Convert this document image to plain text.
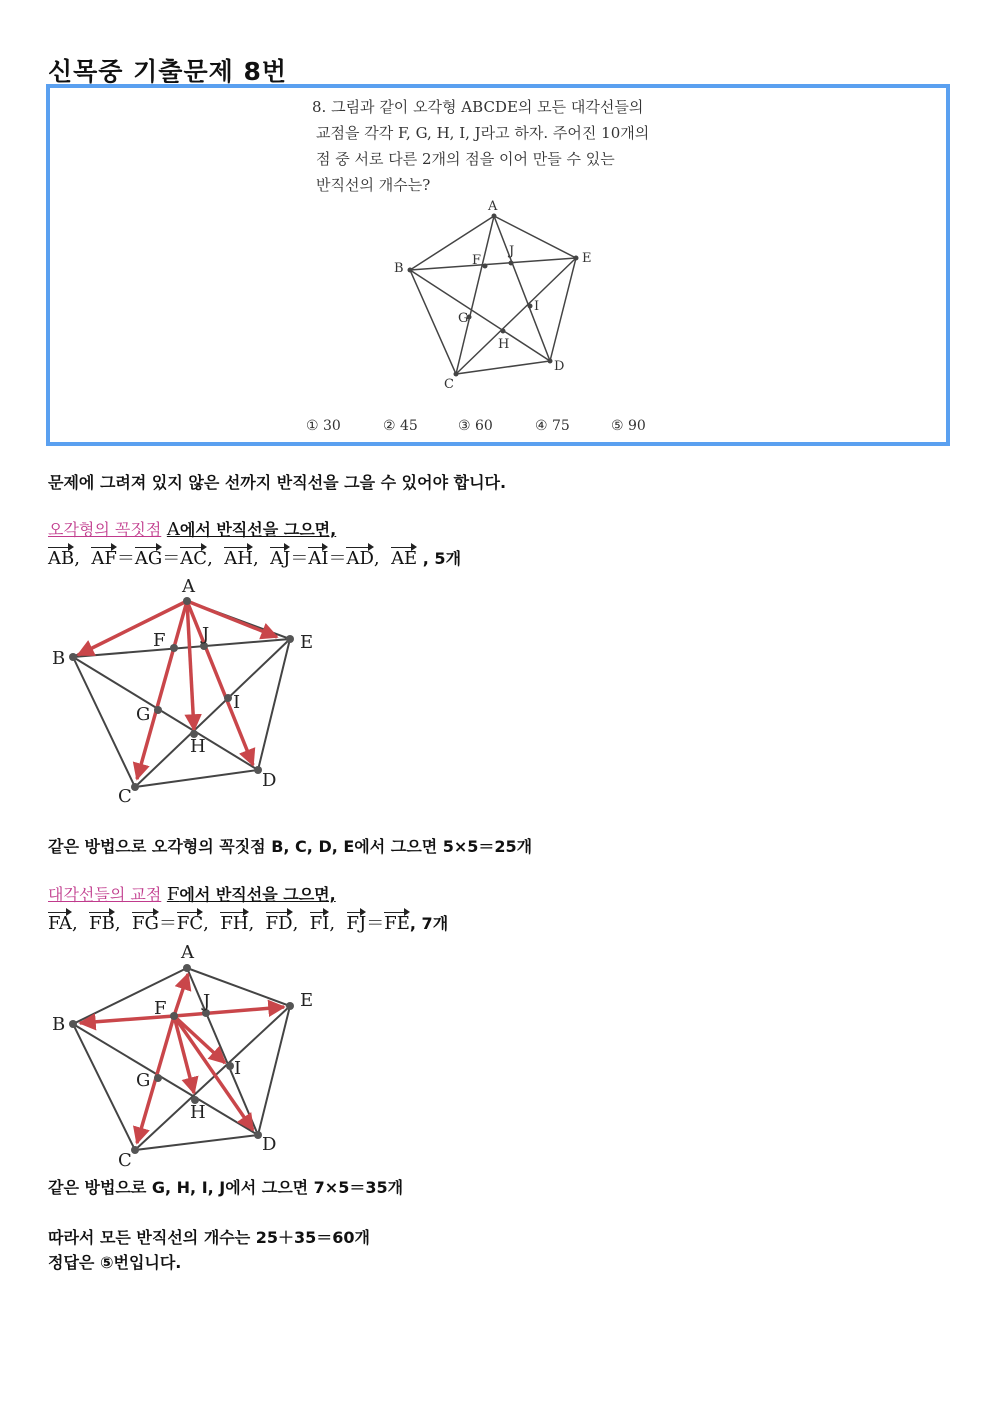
신목중 기출문제 8번
8. 그림과 같이 오각형 ABCDE의 모든 대각선들의
교점을 각각 F, G, H, I, J라고 하자. 주어진 10개의
점 중 서로 다른 2개의 점을 이어 만들 수 있는
반직선의 개수는?
A
B
C
D
E
F
G
H
I
J
① 30	② 45	③ 60	④ 75	⑤ 90
문제에 그려져 있지 않은 선까지 반직선을 그을 수 있어야 합니다.
오각형의 꼭짓점 A에서 반직선을 그으면,
AB,  AF＝AG＝AC,  AH,  AJ＝AI＝AD,  AE , 5개
A
B
C
D
E
F
G
H
I
J
같은 방법으로 오각형의 꼭짓점 B, C, D, E에서 그으면 5×5＝25개
대각선들의 교점 F에서 반직선을 그으면,
FA,  FB,  FG＝FC,  FH,  FD,  FI,  FJ＝FE, 7개
A
B
C
D
E
F
G
H
I
J
같은 방법으로 G, H, I, J에서 그으면 7×5＝35개
따라서 모든 반직선의 개수는 25＋35＝60개
정답은 ⑤번입니다.
